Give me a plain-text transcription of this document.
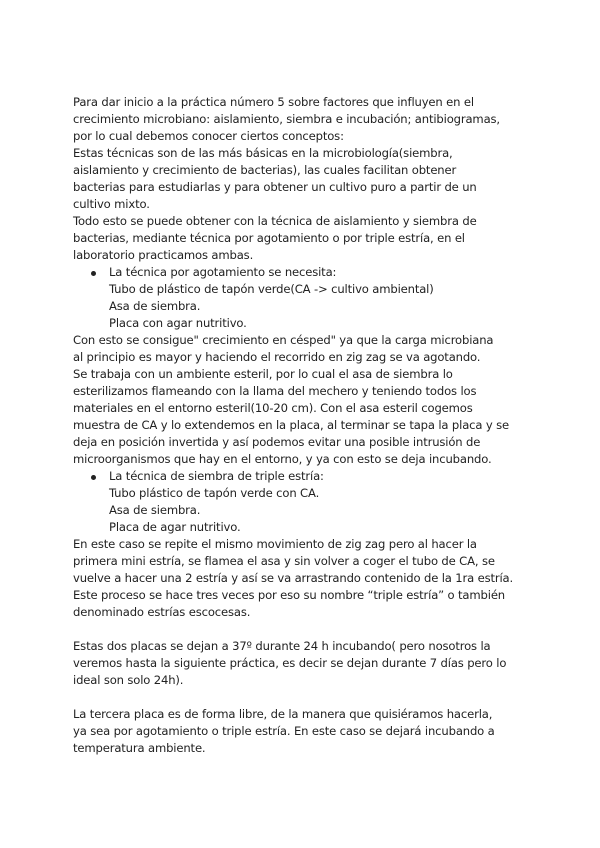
Para dar inicio a la práctica número 5 sobre factores que influyen en el
crecimiento microbiano: aislamiento, siembra e incubación; antibiogramas,
por lo cual debemos conocer ciertos conceptos:
Estas técnicas son de las más básicas en la microbiología(siembra,
aislamiento y crecimiento de bacterias), las cuales facilitan obtener
bacterias para estudiarlas y para obtener un cultivo puro a partir de un
cultivo mixto.
Todo esto se puede obtener con la técnica de aislamiento y siembra de
bacterias, mediante técnica por agotamiento o por triple estría, en el
laboratorio practicamos ambas.
La técnica por agotamiento se necesita:
Tubo de plástico de tapón verde(CA -> cultivo ambiental)
Asa de siembra.
Placa con agar nutritivo.
Con esto se consigue" crecimiento en césped" ya que la carga microbiana
al principio es mayor y haciendo el recorrido en zig zag se va agotando.
Se trabaja con un ambiente esteril, por lo cual el asa de siembra lo
esterilizamos flameando con la llama del mechero y teniendo todos los
materiales en el entorno esteril(10-20 cm). Con el asa esteril cogemos
muestra de CA y lo extendemos en la placa, al terminar se tapa la placa y se
deja en posición invertida y así podemos evitar una posible intrusión de
microorganismos que hay en el entorno, y ya con esto se deja incubando.
La técnica de siembra de triple estría:
Tubo plástico de tapón verde con CA.
Asa de siembra.
Placa de agar nutritivo.
En este caso se repite el mismo movimiento de zig zag pero al hacer la
primera mini estría, se flamea el asa y sin volver a coger el tubo de CA, se
vuelve a hacer una 2 estría y así se va arrastrando contenido de la 1ra estría.
Este proceso se hace tres veces por eso su nombre “triple estría” o también
denominado estrías escocesas.
Estas dos placas se dejan a 37º durante 24 h incubando( pero nosotros la
veremos hasta la siguiente práctica, es decir se dejan durante 7 días pero lo
ideal son solo 24h).
La tercera placa es de forma libre, de la manera que quisiéramos hacerla,
ya sea por agotamiento o triple estría. En este caso se dejará incubando a
temperatura ambiente.
